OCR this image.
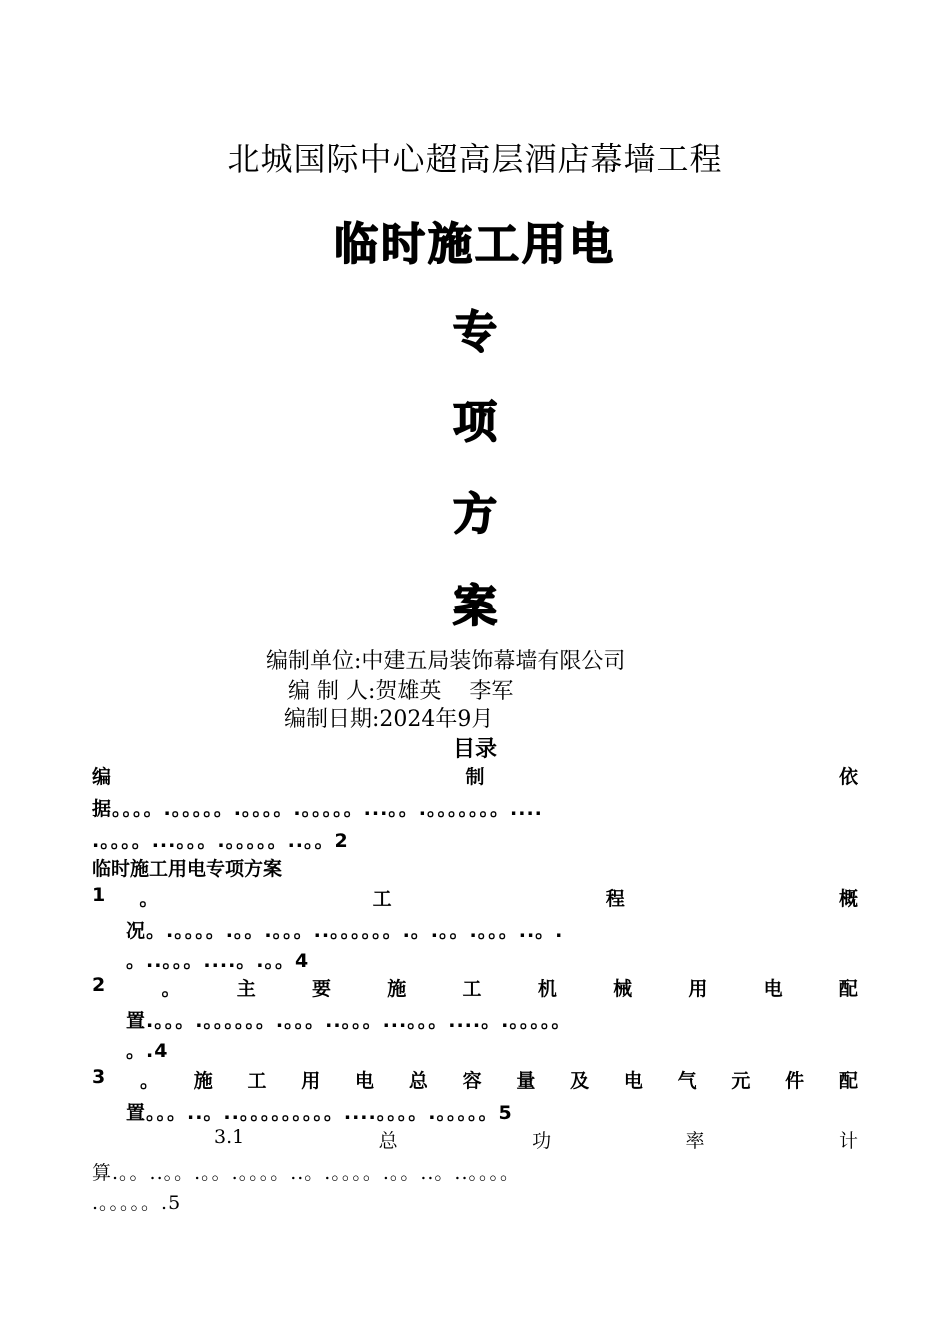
北城国际中心超高层酒店幕墙工程
临时施工用电
专
项
方
案
编制单位:中建五局装饰幕墙有限公司
编 制 人:贺雄英 李军
编制日期:2024年9月
目录
编	制	依
据。。。。.。。。。。.。。。。.。。。。。...。。.。。。。。。。....
.。。。。...。。。.。。。。。..。。2
临时施工用电专项方案
1 。	工	程	概
况。.。。。。.。。.。。。..。。。。。。.。.。。.。。。..。.
。..。。。....。.。。4
2	。	主	要	施	工	机	械	用	电	配
置.。。。.。。。。。。.。。。..。。。...。。。....。.。。。。。
。.4
3 。 施 工 用 电 总 容 量 及 电 气 元 件 配
置。。。..。..。。。。。。。。。....。。。。.。。。。。5
3.1	总	功	率	计
算.。。..。。.。。.。。。。..。.。。。。.。。..。..。。。。
.。。。。。.5
